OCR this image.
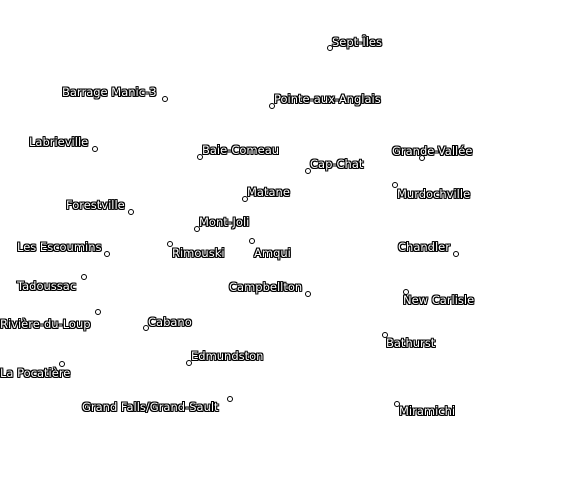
Sept-Îles
Barrage Manic-3	Pointe-aux-Anglais
Labrieville
Baie-Comeau	Grande-Vallée
Cap-Chat
Matane	Murdochville
Forestville
Mont-Joli
Les Escoumins	Rimouski	Amqui	Chandler
Tadoussac	Campbellton
New Carlisle
Rivière-du-Loup	Cabano
Bathurst
Edmundston
La Pocatière
Grand Falls/Grand-Sault	Miramichi
